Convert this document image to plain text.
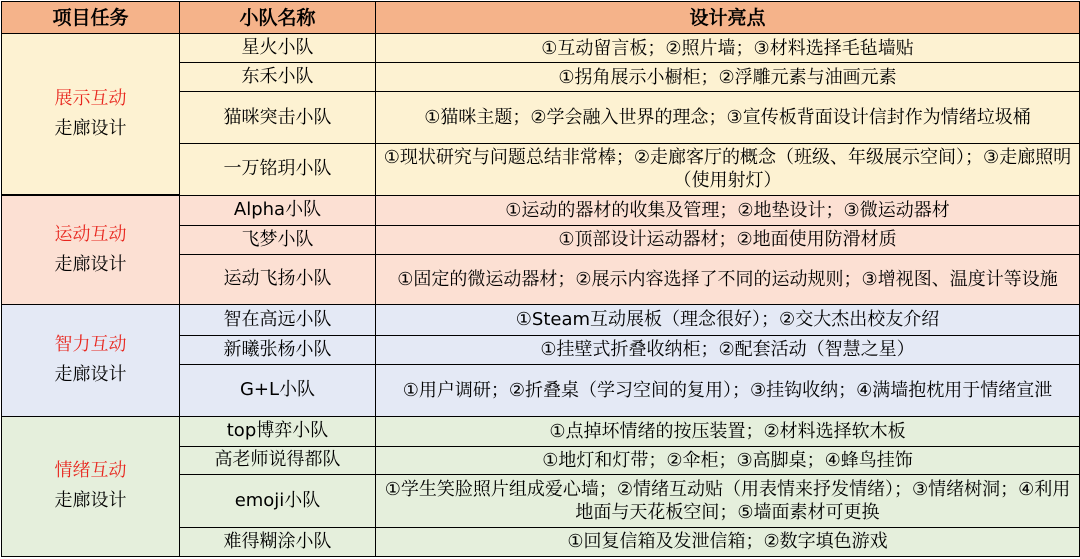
项目任务	小队名称	设计亮点

展示互动
走廊设计	星火小队	①互动留言板；②照片墙；③材料选择毛毡墙贴
	东禾小队	①拐角展示小橱柜；②浮雕元素与油画元素
	猫咪突击小队	①猫咪主题；②学会融入世界的理念；③宣传板背面设计信封作为情绪垃圾桶
	一万铭玥小队	①现状研究与问题总结非常棒；②走廊客厅的概念（班级、年级展示空间）；③走廊照明（使用射灯）

运动互动
走廊设计	Alpha小队	①运动的器材的收集及管理；②地垫设计；③微运动器材
	飞梦小队	①顶部设计运动器材；②地面使用防滑材质
	运动飞扬小队	①固定的微运动器材；②展示内容选择了不同的运动规则；③增视图、温度计等设施

智力互动
走廊设计	智在高远小队	①Steam互动展板（理念很好）；②交大杰出校友介绍
	新曦张杨小队	①挂壁式折叠收纳柜；②配套活动（智慧之星）
	G+L小队	①用户调研；②折叠桌（学习空间的复用）；③挂钩收纳；④满墙抱枕用于情绪宣泄

情绪互动
走廊设计	top博弈小队	①点掉坏情绪的按压装置；②材料选择软木板
	高老师说得都队	①地灯和灯带；②伞柜；③高脚桌；④蜂鸟挂饰
	emoji小队	①学生笑脸照片组成爱心墙；②情绪互动贴（用表情来抒发情绪）；③情绪树洞；④利用地面与天花板空间；⑤墙面素材可更换
	难得糊涂小队	①回复信箱及发泄信箱；②数字填色游戏
